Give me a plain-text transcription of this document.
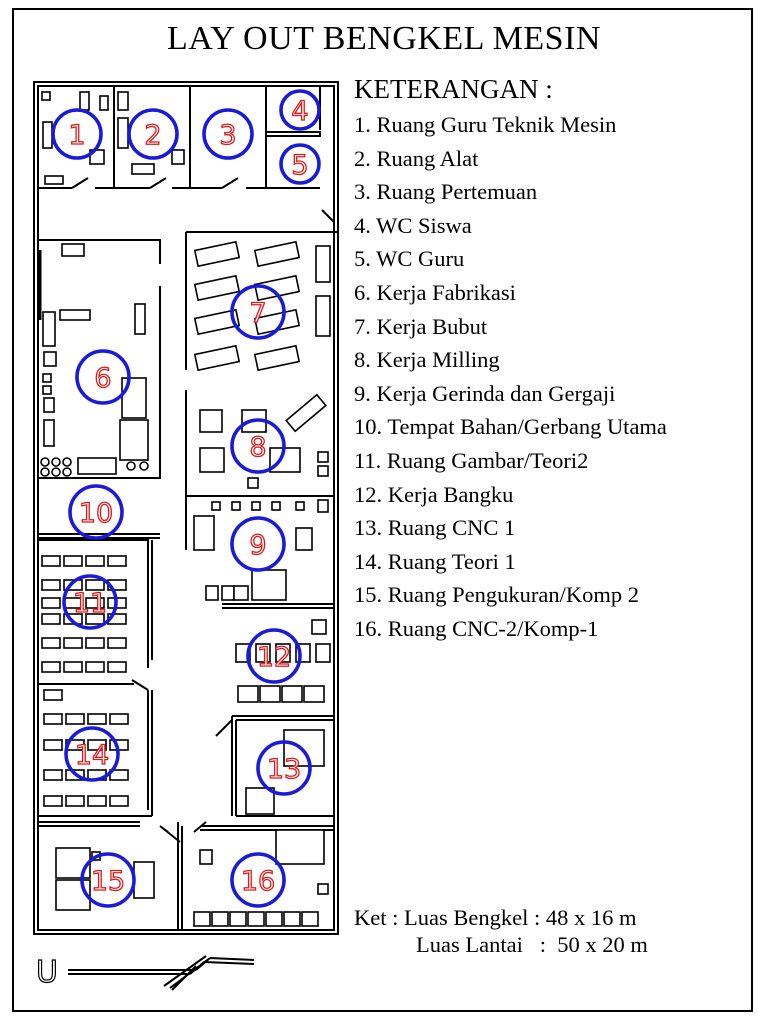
LAY OUT BENGKEL MESIN
1 2 3
4
5
6
7
8
9
10
11
12
13
14
15	16
U
KETERANGAN :
1. Ruang Guru Teknik Mesin
2. Ruang Alat
3. Ruang Pertemuan
4. WC Siswa
5. WC Guru
6. Kerja Fabrikasi
7. Kerja Bubut
8. Kerja Milling
9. Kerja Gerinda dan Gergaji
10. Tempat Bahan/Gerbang Utama
11. Ruang Gambar/Teori2
12. Kerja Bangku
13. Ruang CNC 1
14. Ruang Teori 1
15. Ruang Pengukuran/Komp 2
16. Ruang CNC-2/Komp-1
Ket :
Luas Bengkel
: 48 x 16 m
Luas Lantai
:  50 x 20 m
